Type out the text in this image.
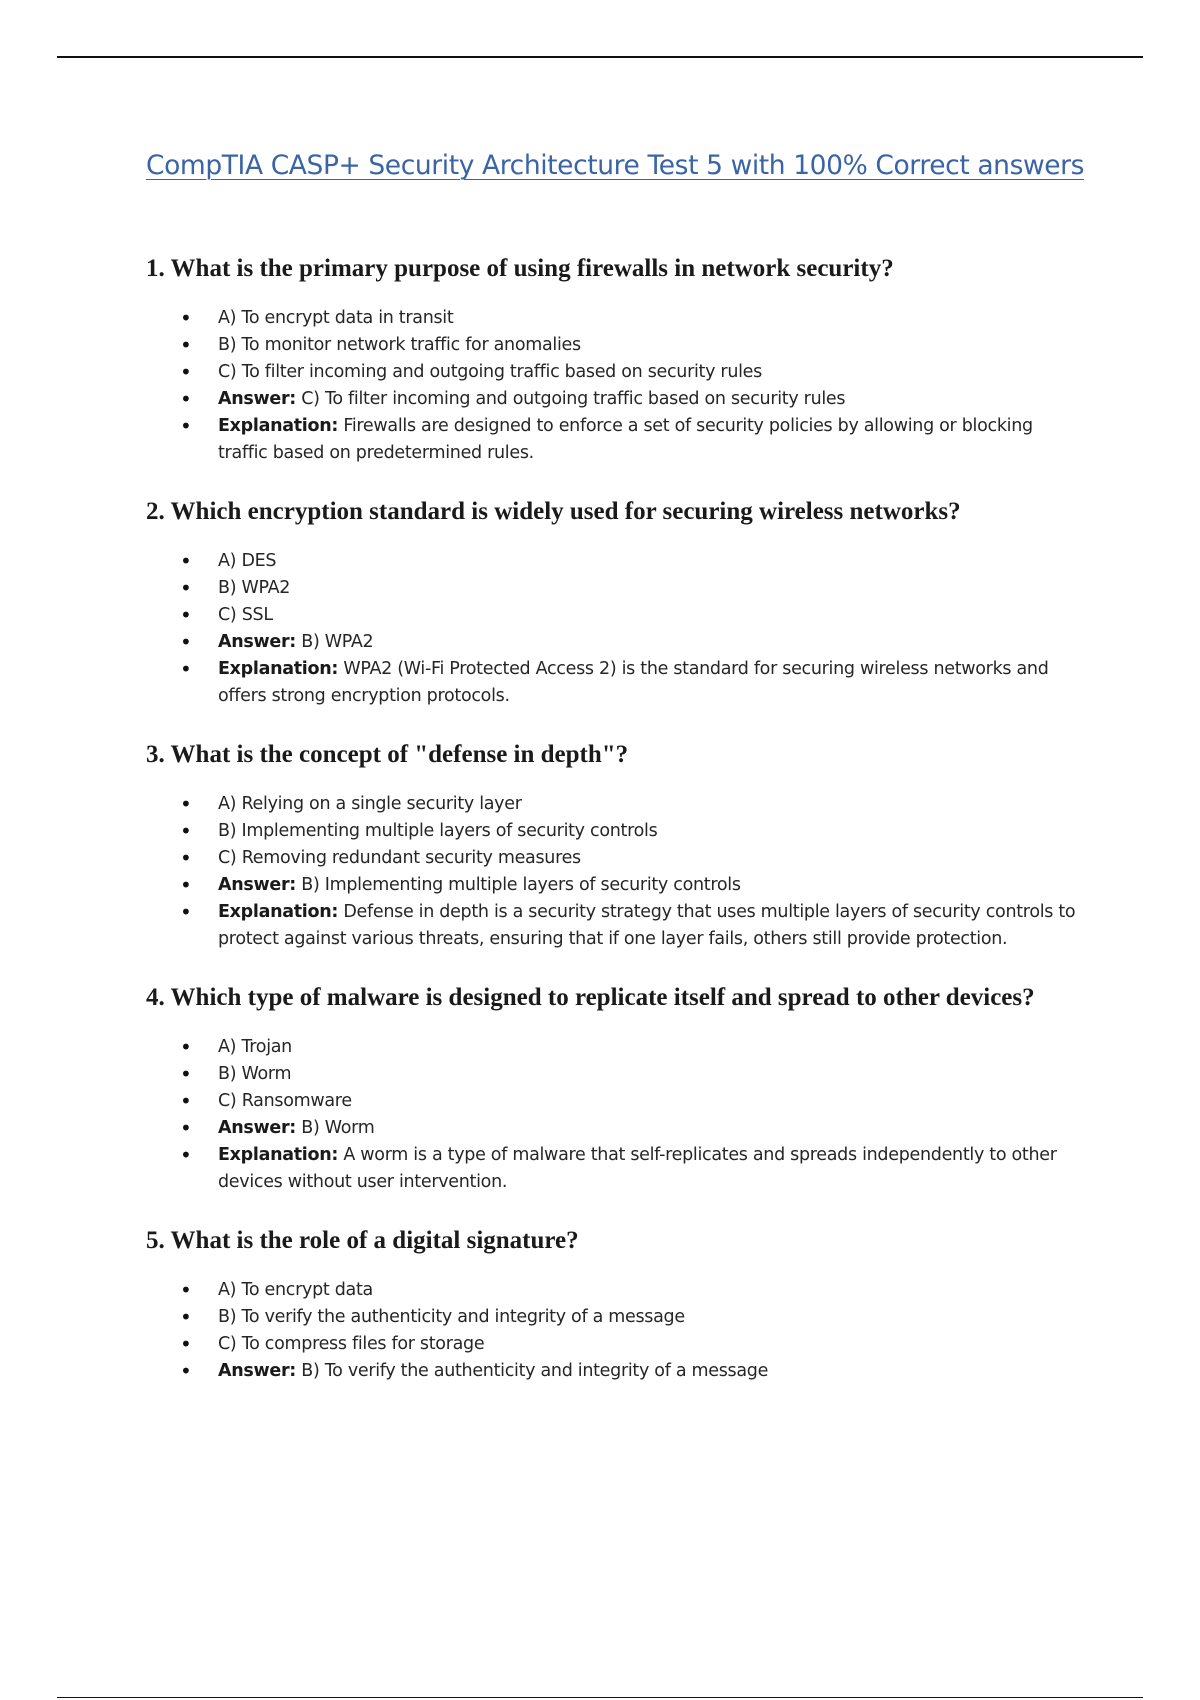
CompTIA CASP+ Security Architecture Test 5 with 100% Correct answers
1. What is the primary purpose of using firewalls in network security?
• A) To encrypt data in transit
• B) To monitor network traffic for anomalies
• C) To filter incoming and outgoing traffic based on security rules
• Answer: C) To filter incoming and outgoing traffic based on security rules
• Explanation: Firewalls are designed to enforce a set of security policies by allowing or blocking traffic based on predetermined rules.
2. Which encryption standard is widely used for securing wireless networks?
• A) DES
• B) WPA2
• C) SSL
• Answer: B) WPA2
• Explanation: WPA2 (Wi-Fi Protected Access 2) is the standard for securing wireless networks and offers strong encryption protocols.
3. What is the concept of "defense in depth"?
• A) Relying on a single security layer
• B) Implementing multiple layers of security controls
• C) Removing redundant security measures
• Answer: B) Implementing multiple layers of security controls
• Explanation: Defense in depth is a security strategy that uses multiple layers of security controls to protect against various threats, ensuring that if one layer fails, others still provide protection.
4. Which type of malware is designed to replicate itself and spread to other devices?
• A) Trojan
• B) Worm
• C) Ransomware
• Answer: B) Worm
• Explanation: A worm is a type of malware that self-replicates and spreads independently to other devices without user intervention.
5. What is the role of a digital signature?
• A) To encrypt data
• B) To verify the authenticity and integrity of a message
• C) To compress files for storage
• Answer: B) To verify the authenticity and integrity of a message
